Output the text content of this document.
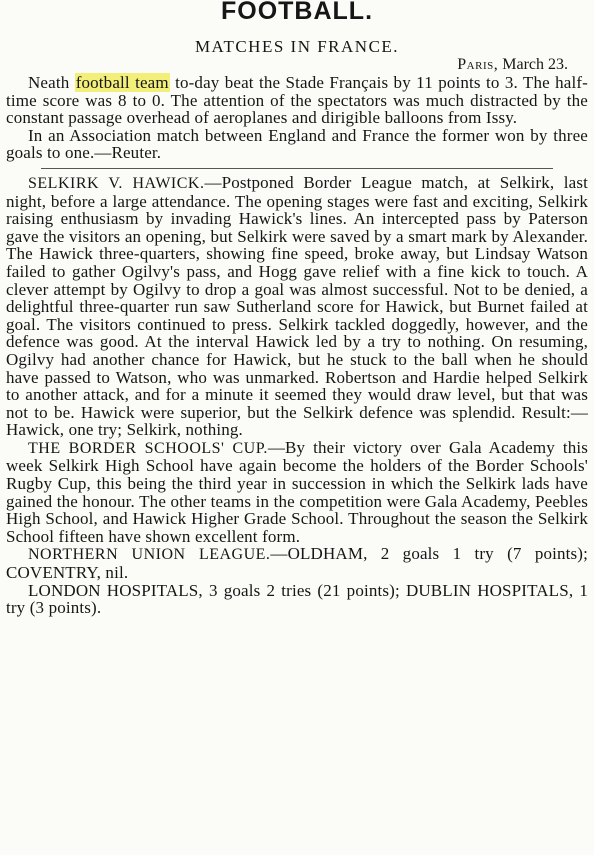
FOOTBALL.
MATCHES IN FRANCE.
Paris, March 23.

Neath football team to-day beat the Stade Français by 11 points to 3. The half-time score was 8 to 0. The attention of the spectators was much distracted by the constant passage overhead of aeroplanes and dirigible balloons from Issy.

In an Association match between England and France the former won by three goals to one.—Reuter.

SELKIRK V. HAWICK.—Postponed Border League match, at Selkirk, last night, before a large attendance. The opening stages were fast and exciting, Selkirk raising enthusiasm by invading Hawick's lines. An intercepted pass by Paterson gave the visitors an opening, but Selkirk were saved by a smart mark by Alexander. The Hawick three-quarters, showing fine speed, broke away, but Lindsay Watson failed to gather Ogilvy's pass, and Hogg gave relief with a fine kick to touch. A clever attempt by Ogilvy to drop a goal was almost successful. Not to be denied, a delightful three-quarter run saw Sutherland score for Hawick, but Burnet failed at goal. The visitors continued to press. Selkirk tackled doggedly, however, and the defence was good. At the interval Hawick led by a try to nothing. On resuming, Ogilvy had another chance for Hawick, but he stuck to the ball when he should have passed to Watson, who was unmarked. Robertson and Hardie helped Selkirk to another attack, and for a minute it seemed they would draw level, but that was not to be. Hawick were superior, but the Selkirk defence was splendid. Result:—Hawick, one try; Selkirk, nothing.

THE BORDER SCHOOLS' CUP.—By their victory over Gala Academy this week Selkirk High School have again become the holders of the Border Schools' Rugby Cup, this being the third year in succession in which the Selkirk lads have gained the honour. The other teams in the competition were Gala Academy, Peebles High School, and Hawick Higher Grade School. Throughout the season the Selkirk School fifteen have shown excellent form.

NORTHERN UNION LEAGUE.—OLDHAM, 2 goals 1 try (7 points); COVENTRY, nil.

LONDON HOSPITALS, 3 goals 2 tries (21 points); DUBLIN HOSPITALS, 1 try (3 points).
